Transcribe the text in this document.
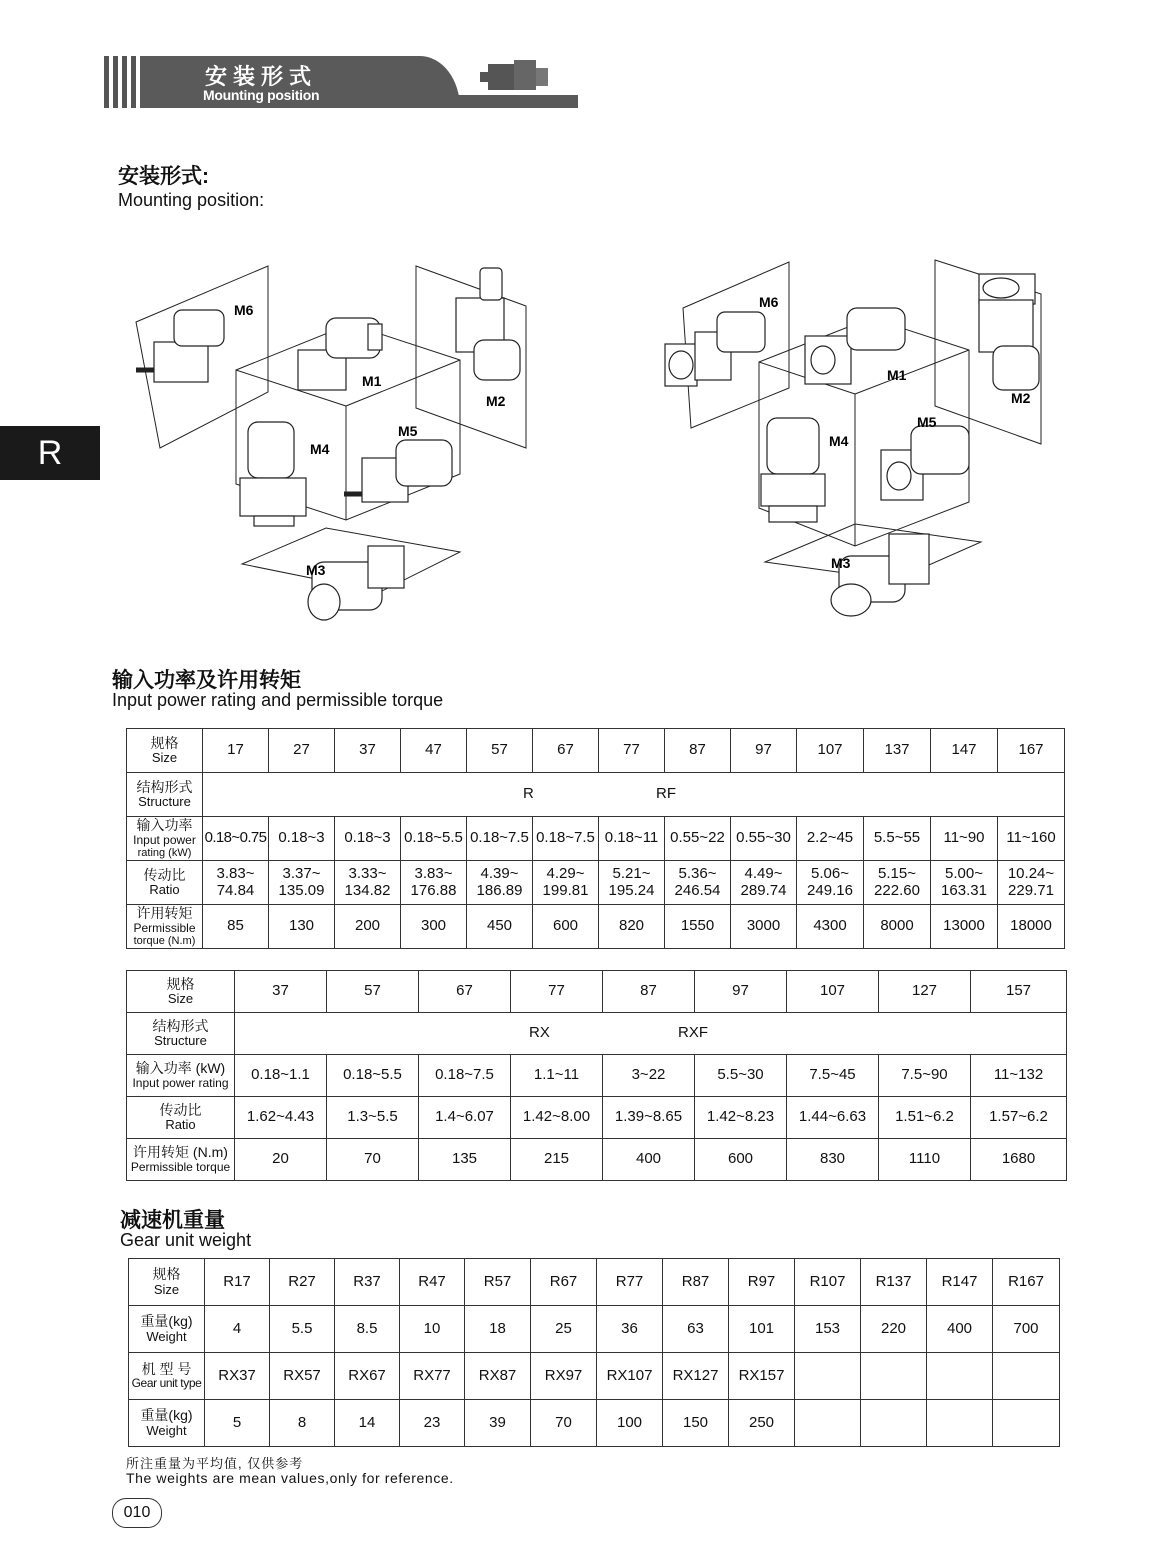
安装形式
Mounting position
R
安装形式:
Mounting position:
M6
M1
M2
M4
M5
M3
M6
M1
M2
M4
M5
M3
输入功率及许用转矩
Input power rating and permissible torque
规格
Size	17	27	37	47	57	67	77	87	97	107	137	147	167

结构形式
Structure	R RF												

输入功率
Input power
rating (kW)	0.18~0.75	0.18~3	0.18~3	0.18~5.5	0.18~7.5	0.18~7.5	0.18~11	0.55~22	0.55~30	2.2~45	5.5~55	11~90	11~160

传动比
Ratio	3.83~
74.84	3.37~
135.09	3.33~
134.82	3.83~
176.88	4.39~
186.89	4.29~
199.81	5.21~
195.24	5.36~
246.54	4.49~
289.74	5.06~
249.16	5.15~
222.60	5.00~
163.31	10.24~
229.71

许用转矩
Permissible
torque (N.m)	85	130	200	300	450	600	820	1550	3000	4300	8000	13000	18000
规格
Size	37	57	67	77	87	97	107	127	157

结构形式
Structure	RX RXF								

输入功率 (kW)
Input power rating	0.18~1.1	0.18~5.5	0.18~7.5	1.1~11	3~22	5.5~30	7.5~45	7.5~90	11~132

传动比
Ratio	1.62~4.43	1.3~5.5	1.4~6.07	1.42~8.00	1.39~8.65	1.42~8.23	1.44~6.63	1.51~6.2	1.57~6.2

许用转矩 (N.m)
Permissible torque	20	70	135	215	400	600	830	1110	1680
减速机重量
Gear unit weight
规格
Size	R17	R27	R37	R47	R57	R67	R77	R87	R97	R107	R137	R147	R167

重量(kg)
Weight	4	5.5	8.5	10	18	25	36	63	101	153	220	400	700

机 型 号
Gear unit type	RX37	RX57	RX67	RX77	RX87	RX97	RX107	RX127	RX157				

重量(kg)
Weight	5	8	14	23	39	70	100	150	250				
所注重量为平均值, 仅供参考
The weights are mean values,only for reference.
010
